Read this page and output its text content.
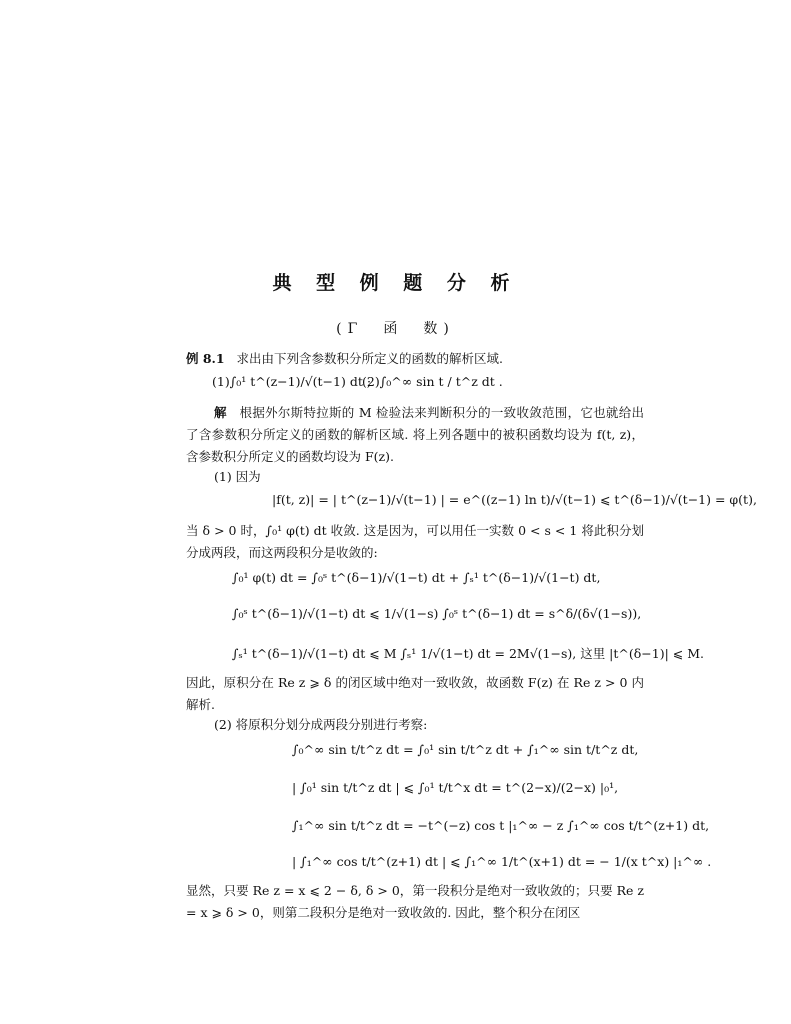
典 型 例 题 分 析
(Γ　函　数)
例 8.1 求出由下列含参数积分所定义的函数的解析区域.
(1)∫₀¹ t^(z−1)/√(t−1) dt ;
(2)∫₀^∞ sin t / t^z dt .
解 根据外尔斯特拉斯的 M 检验法来判断积分的一致收敛范围，它也就给出了含参数积分所定义的函数的解析区域. 将上列各题中的被积函数均设为 f(t, z)，含参数积分所定义的函数均设为 F(z).
(1) 因为
|f(t, z)| = | t^(z−1)/√(t−1) | = e^((z−1) ln t)/√(t−1) ⩽ t^(δ−1)/√(t−1) = φ(t),
当 δ > 0 时，∫₀¹ φ(t) dt 收敛. 这是因为，可以用任一实数 0 < s < 1 将此积分划分成两段，而这两段积分是收敛的:
∫₀¹ φ(t) dt = ∫₀ˢ t^(δ−1)/√(1−t) dt + ∫ₛ¹ t^(δ−1)/√(1−t) dt,
∫₀ˢ t^(δ−1)/√(1−t) dt ⩽ 1/√(1−s) ∫₀ˢ t^(δ−1) dt = s^δ/(δ√(1−s)),
∫ₛ¹ t^(δ−1)/√(1−t) dt ⩽ M ∫ₛ¹ 1/√(1−t) dt = 2M√(1−s), 这里 |t^(δ−1)| ⩽ M.
因此，原积分在 Re z ⩾ δ 的闭区域中绝对一致收敛，故函数 F(z) 在 Re z > 0 内解析.
(2) 将原积分划分成两段分别进行考察:
∫₀^∞ sin t/t^z dt = ∫₀¹ sin t/t^z dt + ∫₁^∞ sin t/t^z dt,
| ∫₀¹ sin t/t^z dt | ⩽ ∫₀¹ t/t^x dt = t^(2−x)/(2−x) |₀¹,
∫₁^∞ sin t/t^z dt = −t^(−z) cos t |₁^∞ − z ∫₁^∞ cos t/t^(z+1) dt,
| ∫₁^∞ cos t/t^(z+1) dt | ⩽ ∫₁^∞ 1/t^(x+1) dt = − 1/(x t^x) |₁^∞ .
显然，只要 Re z = x ⩽ 2 − δ, δ > 0，第一段积分是绝对一致收敛的；只要 Re z = x ⩾ δ > 0，则第二段积分是绝对一致收敛的. 因此，整个积分在闭区
